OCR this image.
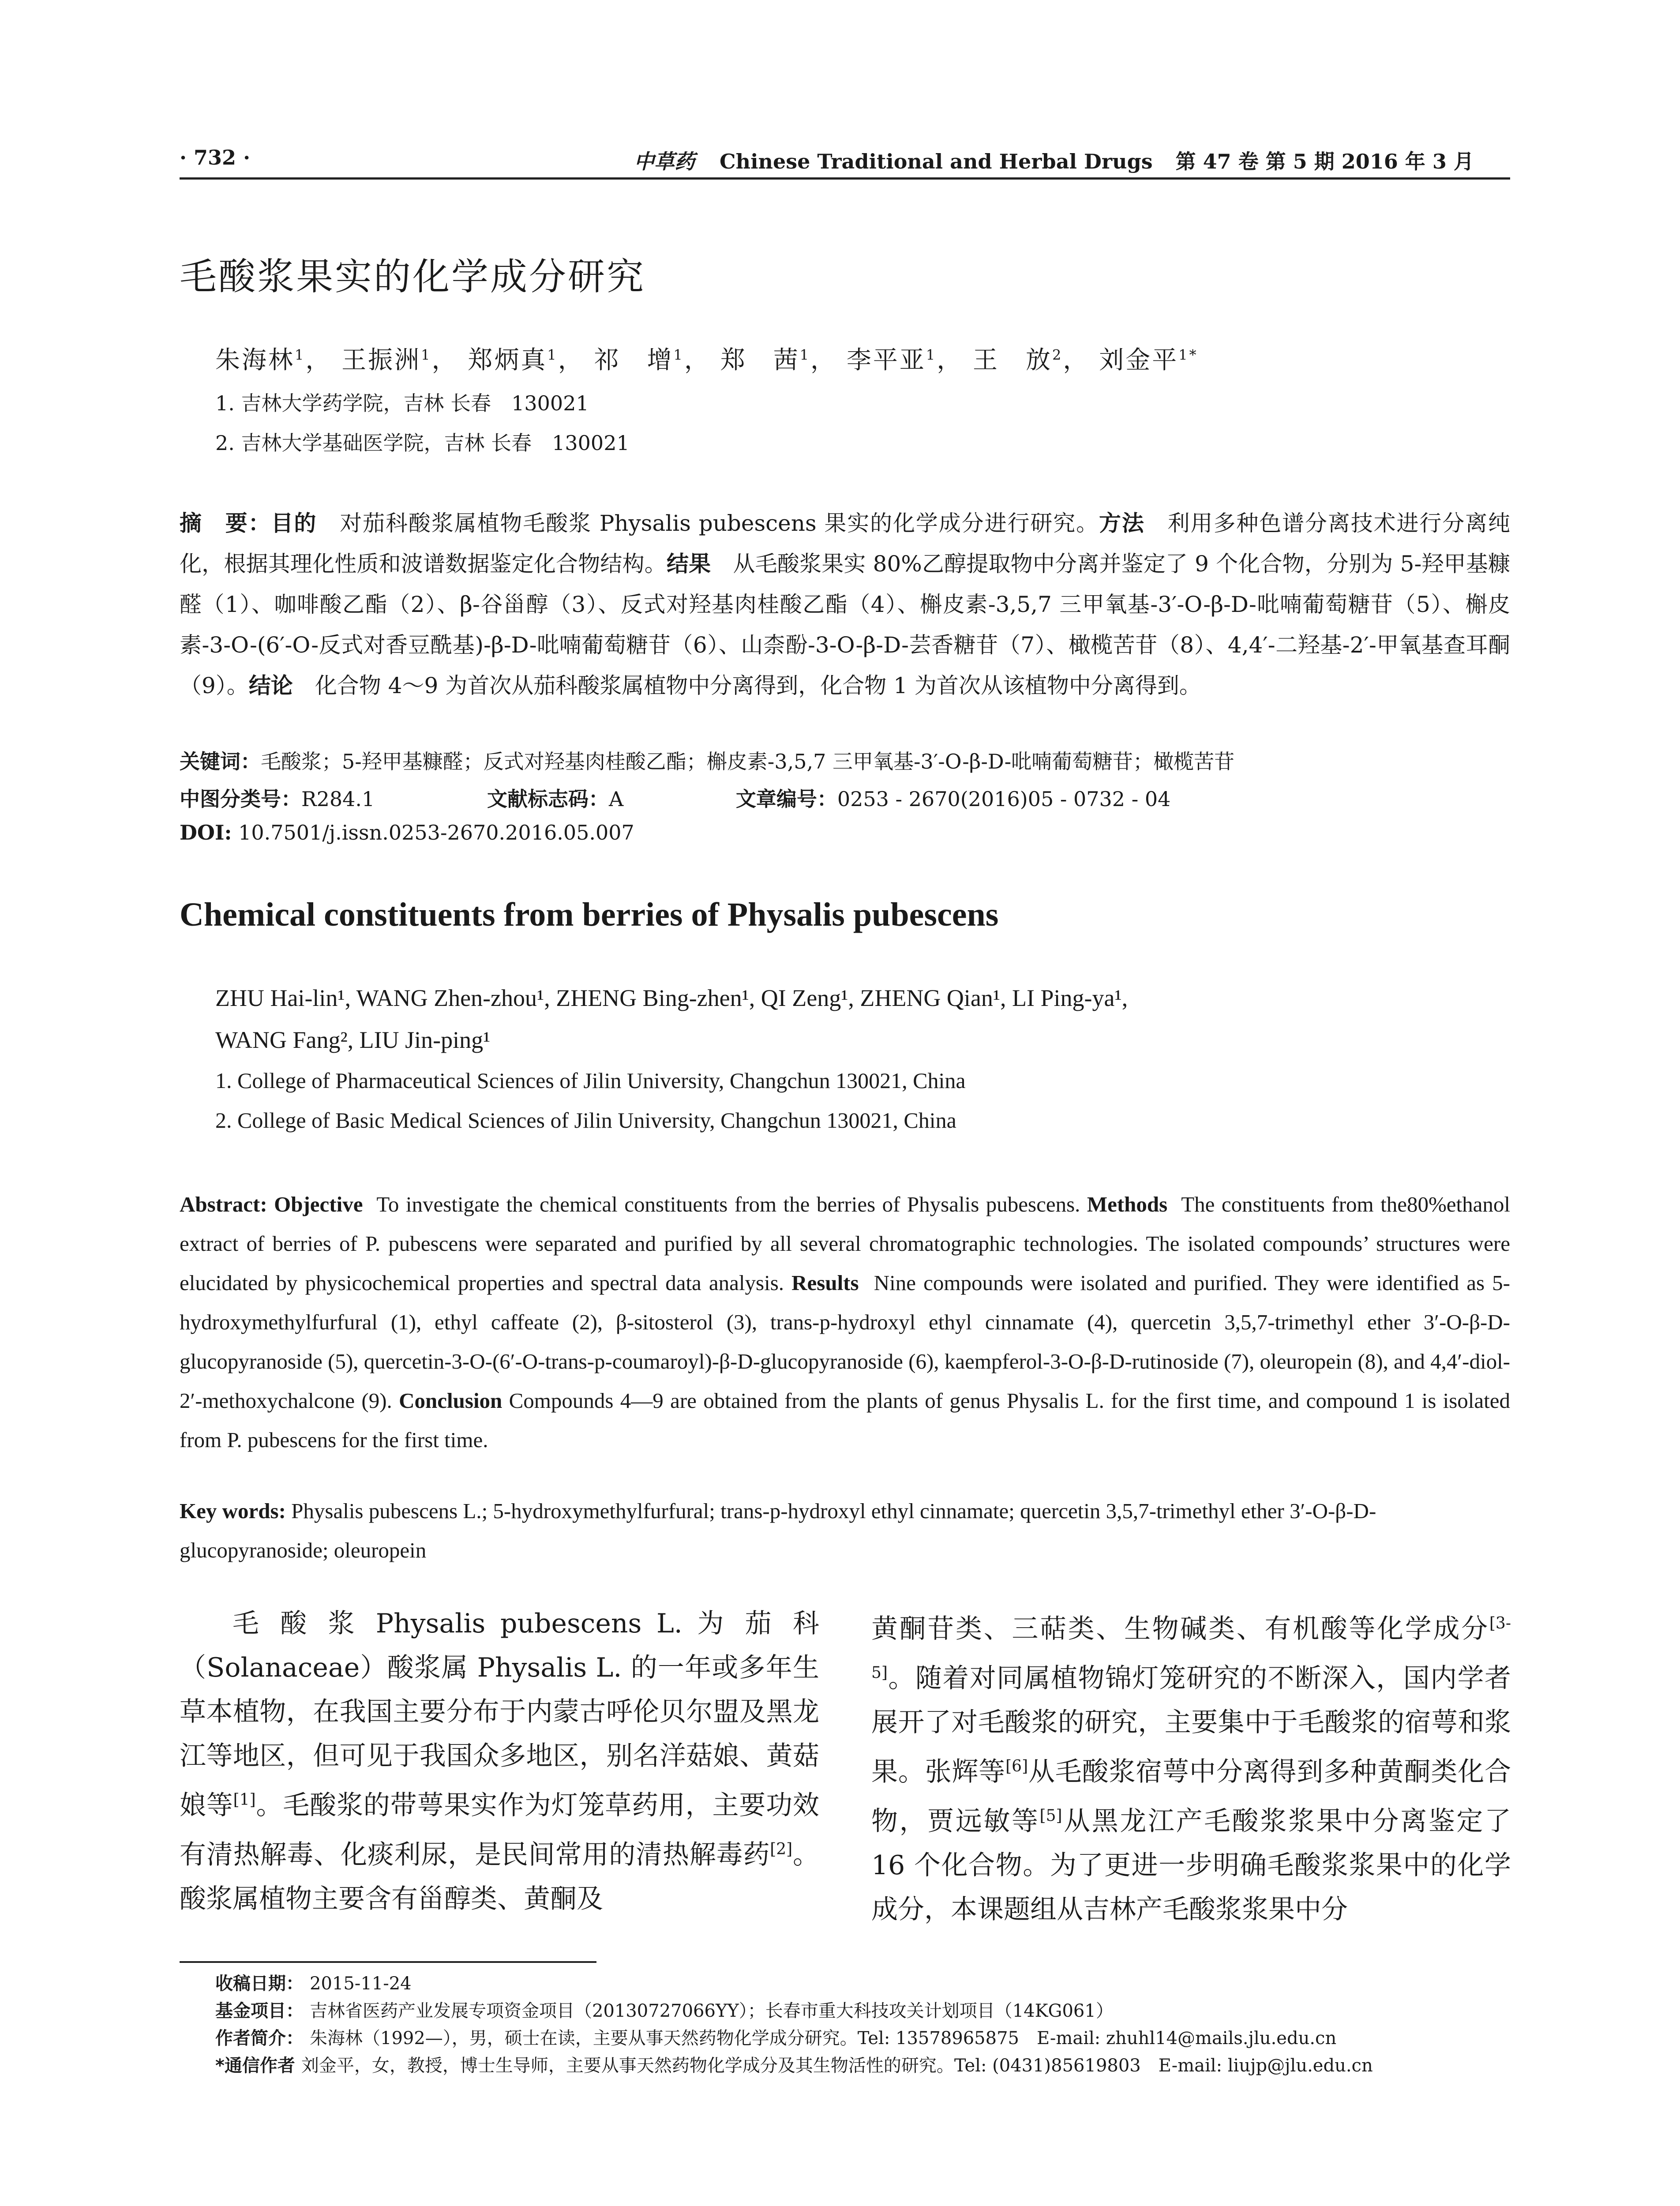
· 732 ·	中草药 Chinese Traditional and Herbal Drugs 第 47 卷 第 5 期 2016 年 3 月
毛酸浆果实的化学成分研究
朱海林$^1$， 王振洲$^1$， 郑炳真$^1$， 祁　增$^1$， 郑　茜$^1$， 李平亚$^1$， 王　放$^2$， 刘金平$^{1*}$
1. 吉林大学药学院，吉林 长春　130021
2. 吉林大学基础医学院，吉林 长春　130021
摘　要：目的　 对茄科酸浆属植物毛酸浆 Physalis pubescens 果实的化学成分进行研究。方法　 利用多种色谱分离技术进行分离纯化，根据其理化性质和波谱数据鉴定化合物结构。结果　 从毛酸浆果实 80%乙醇提取物中分离并鉴定了 9 个化合物，分别为 5-羟甲基糠醛（1）、咖啡酸乙酯（2）、β-谷甾醇（3）、反式对羟基肉桂酸乙酯（4）、槲皮素-3,5,7 三甲氧基-3′-O-β-D-吡喃葡萄糖苷（5）、槲皮素-3-O-(6′-O-反式对香豆酰基)-β-D-吡喃葡萄糖苷（6）、山柰酚-3-O-β-D-芸香糖苷（7）、橄榄苦苷（8）、4,4′-二羟基-2′-甲氧基查耳酮（9）。结论　 化合物 4～9 为首次从茄科酸浆属植物中分离得到，化合物 1 为首次从该植物中分离得到。
关键词：毛酸浆；5-羟甲基糠醛；反式对羟基肉桂酸乙酯；槲皮素-3,5,7 三甲氧基-3′-O-β-D-吡喃葡萄糖苷；橄榄苦苷
中图分类号：R284.1	文献标志码：A	文章编号：0253 - 2670(2016)05 - 0732 - 04
DOI: 10.7501/j.issn.0253-2670.2016.05.007
Chemical constituents from berries of Physalis pubescens
ZHU Hai-lin¹, WANG Zhen-zhou¹, ZHENG Bing-zhen¹, QI Zeng¹, ZHENG Qian¹, LI Ping-ya¹,
WANG Fang², LIU Jin-ping¹
1. College of Pharmaceutical Sciences of Jilin University, Changchun 130021, China
2. College of Basic Medical Sciences of Jilin University, Changchun 130021, China
Abstract: Objective To investigate the chemical constituents from the berries of Physalis pubescens. Methods The constituents from the80%ethanol extract of berries of P. pubescens were separated and purified by all several chromatographic technologies. The isolated compounds’ structures were elucidated by physicochemical properties and spectral data analysis. Results Nine compounds were isolated and purified. They were identified as 5-hydroxymethylfurfural (1), ethyl caffeate (2), β-sitosterol (3), trans-p-hydroxyl ethyl cinnamate (4), quercetin 3,5,7-trimethyl ether 3′-O-β-D-glucopyranoside (5), quercetin-3-O-(6′-O-trans-p-coumaroyl)-β-D-glucopyranoside (6), kaempferol-3-O-β-D-rutinoside (7), oleuropein (8), and 4,4′-diol-2′-methoxychalcone (9). Conclusion Compounds 4—9 are obtained from the plants of genus Physalis L. for the first time, and compound 1 is isolated from P. pubescens for the first time.
Key words: Physalis pubescens L.; 5-hydroxymethylfurfural; trans-p-hydroxyl ethyl cinnamate; quercetin 3,5,7-trimethyl ether 3′-O-β-D-glucopyranoside; oleuropein

毛 酸 浆 Physalis pubescens L. 为 茄 科（Solanaceae）酸浆属 Physalis L. 的一年或多年生草本植物，在我国主要分布于内蒙古呼伦贝尔盟及黑龙江等地区，但可见于我国众多地区，别名洋菇娘、黄菇娘等[1]。毛酸浆的带萼果实作为灯笼草药用，主要功效有清热解毒、化痰利尿，是民间常用的清热解毒药[2]。酸浆属植物主要含有甾醇类、黄酮及

黄酮苷类、三萜类、生物碱类、有机酸等化学成分[3-5]。随着对同属植物锦灯笼研究的不断深入，国内学者展开了对毛酸浆的研究，主要集中于毛酸浆的宿萼和浆果。张辉等[6]从毛酸浆宿萼中分离得到多种黄酮类化合物，贾远敏等[5]从黑龙江产毛酸浆浆果中分离鉴定了 16 个化合物。为了更进一步明确毛酸浆浆果中的化学成分，本课题组从吉林产毛酸浆浆果中分

收稿日期： 2015-11-24
基金项目： 吉林省医药产业发展专项资金项目（20130727066YY）；长春市重大科技攻关计划项目（14KG061）
作者简介： 朱海林（1992—），男，硕士在读，主要从事天然药物化学成分研究。Tel: 13578965875　E-mail: zhuhl14@mails.jlu.edu.cn
*通信作者 刘金平，女，教授，博士生导师，主要从事天然药物化学成分及其生物活性的研究。Tel: (0431)85619803　E-mail: liujp@jlu.edu.cn
